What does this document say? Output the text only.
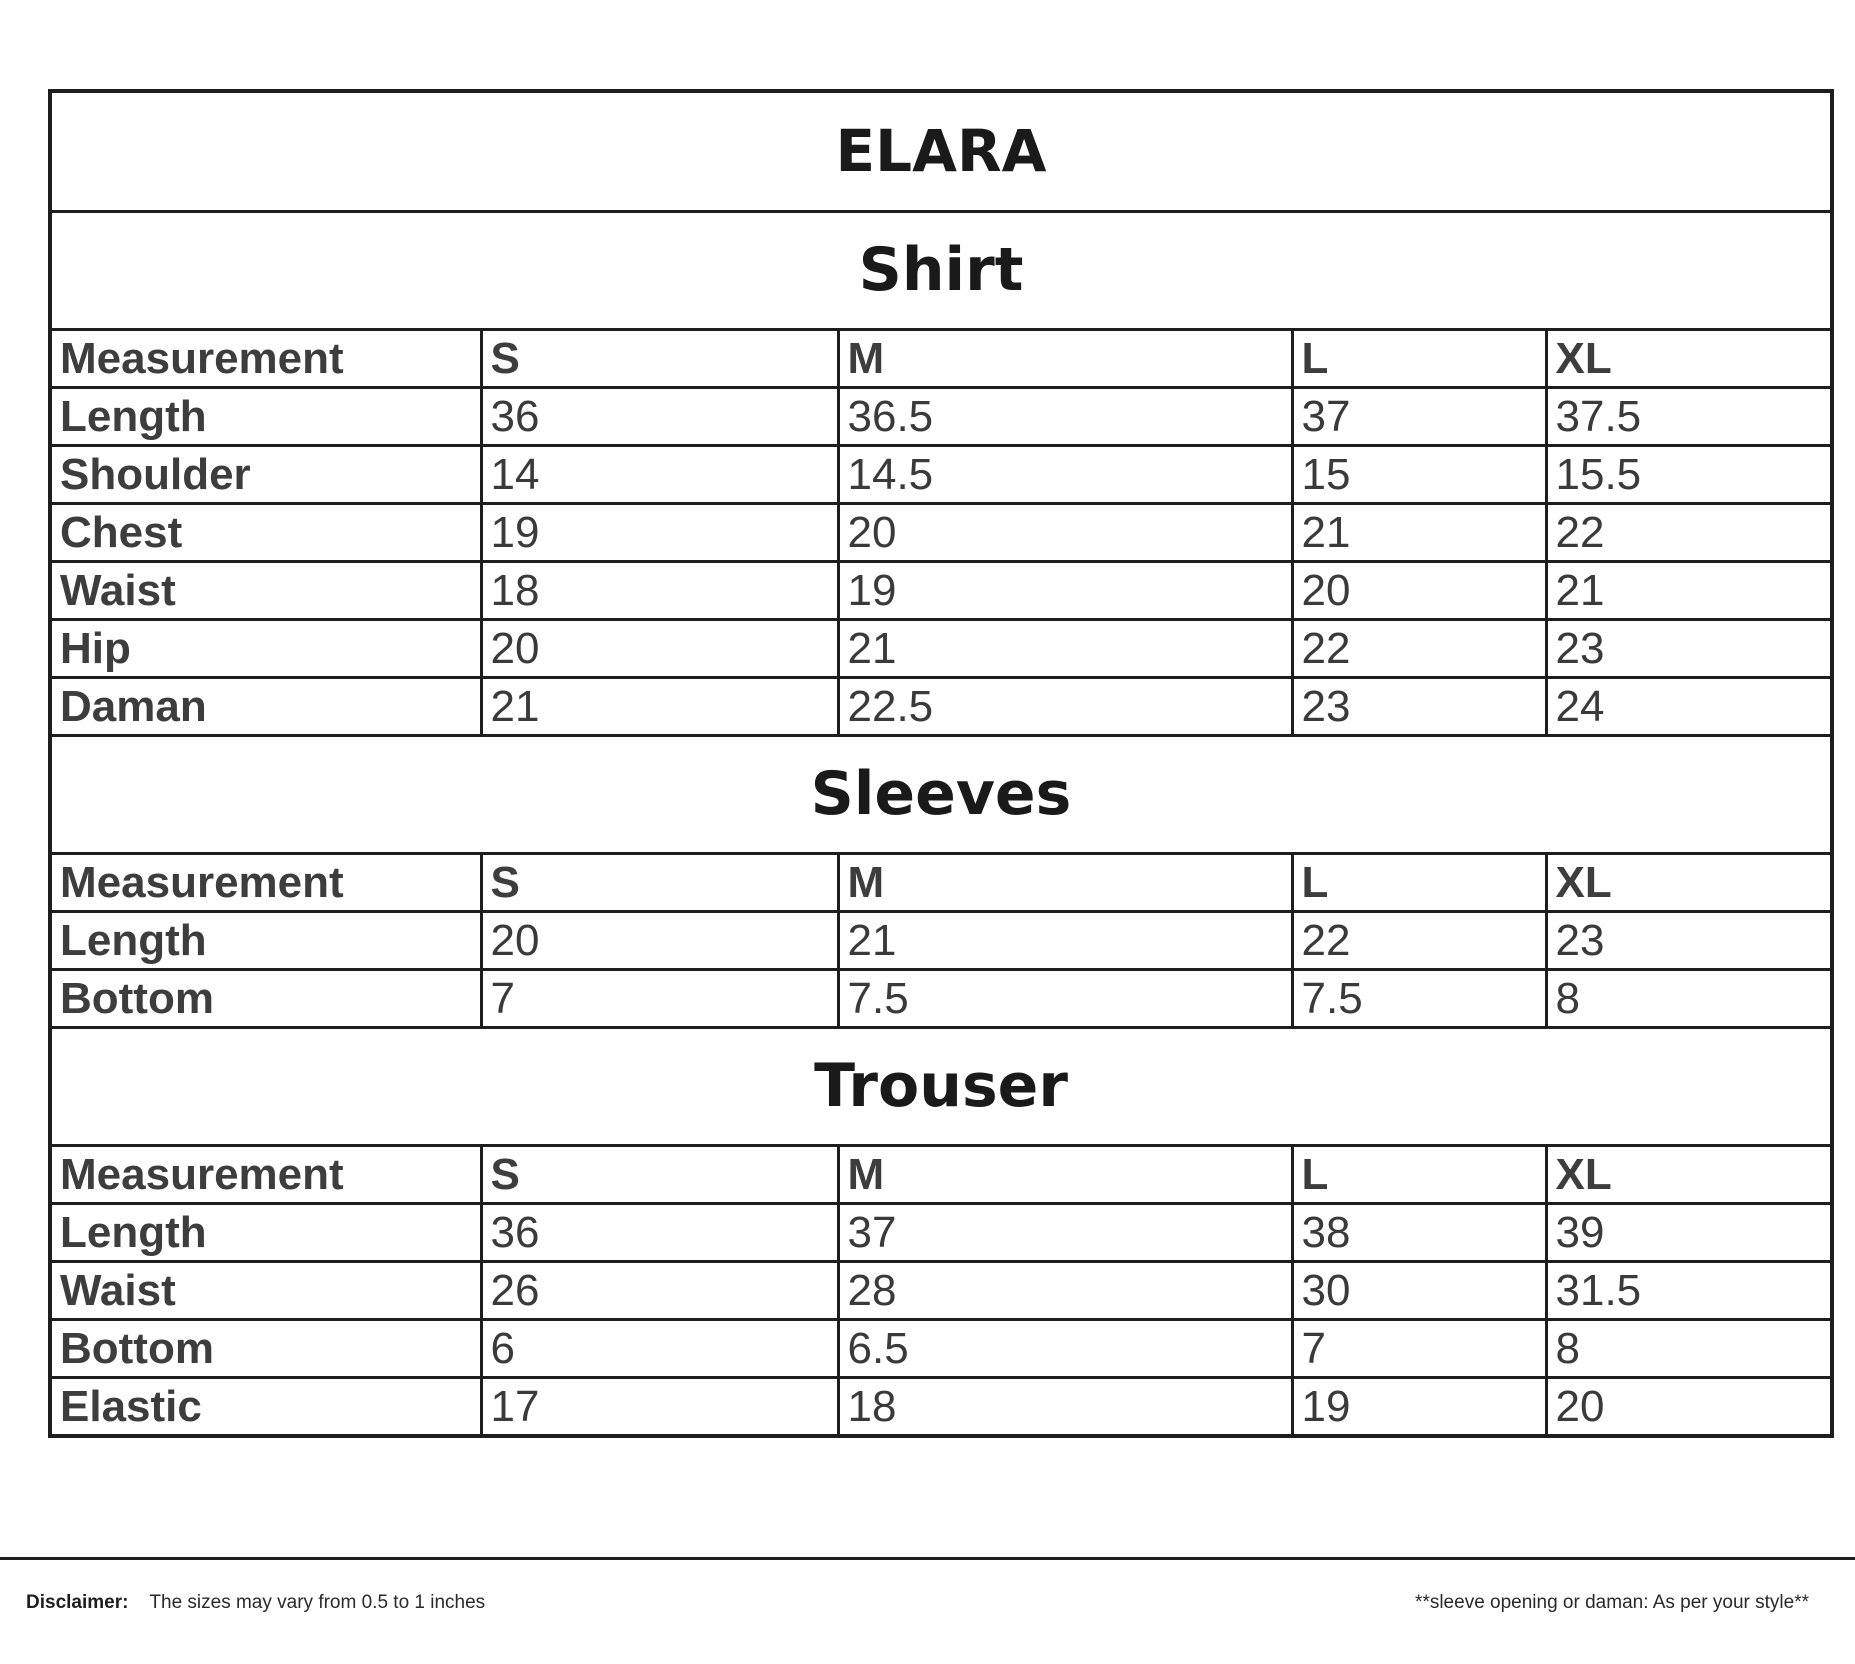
ELARA				
Shirt				
Measurement	S	M	L	XL
Length	36	36.5	37	37.5
Shoulder	14	14.5	15	15.5
Chest	19	20	21	22
Waist	18	19	20	21
Hip	20	21	22	23
Daman	21	22.5	23	24
Sleeves				
Measurement	S	M	L	XL
Length	20	21	22	23
Bottom	7	7.5	7.5	8
Trouser				
Measurement	S	M	L	XL
Length	36	37	38	39
Waist	26	28	30	31.5
Bottom	6	6.5	7	8
Elastic	17	18	19	20
Disclaimer: The sizes may vary from 0.5 to 1 inches	**sleeve opening or daman: As per your style**
